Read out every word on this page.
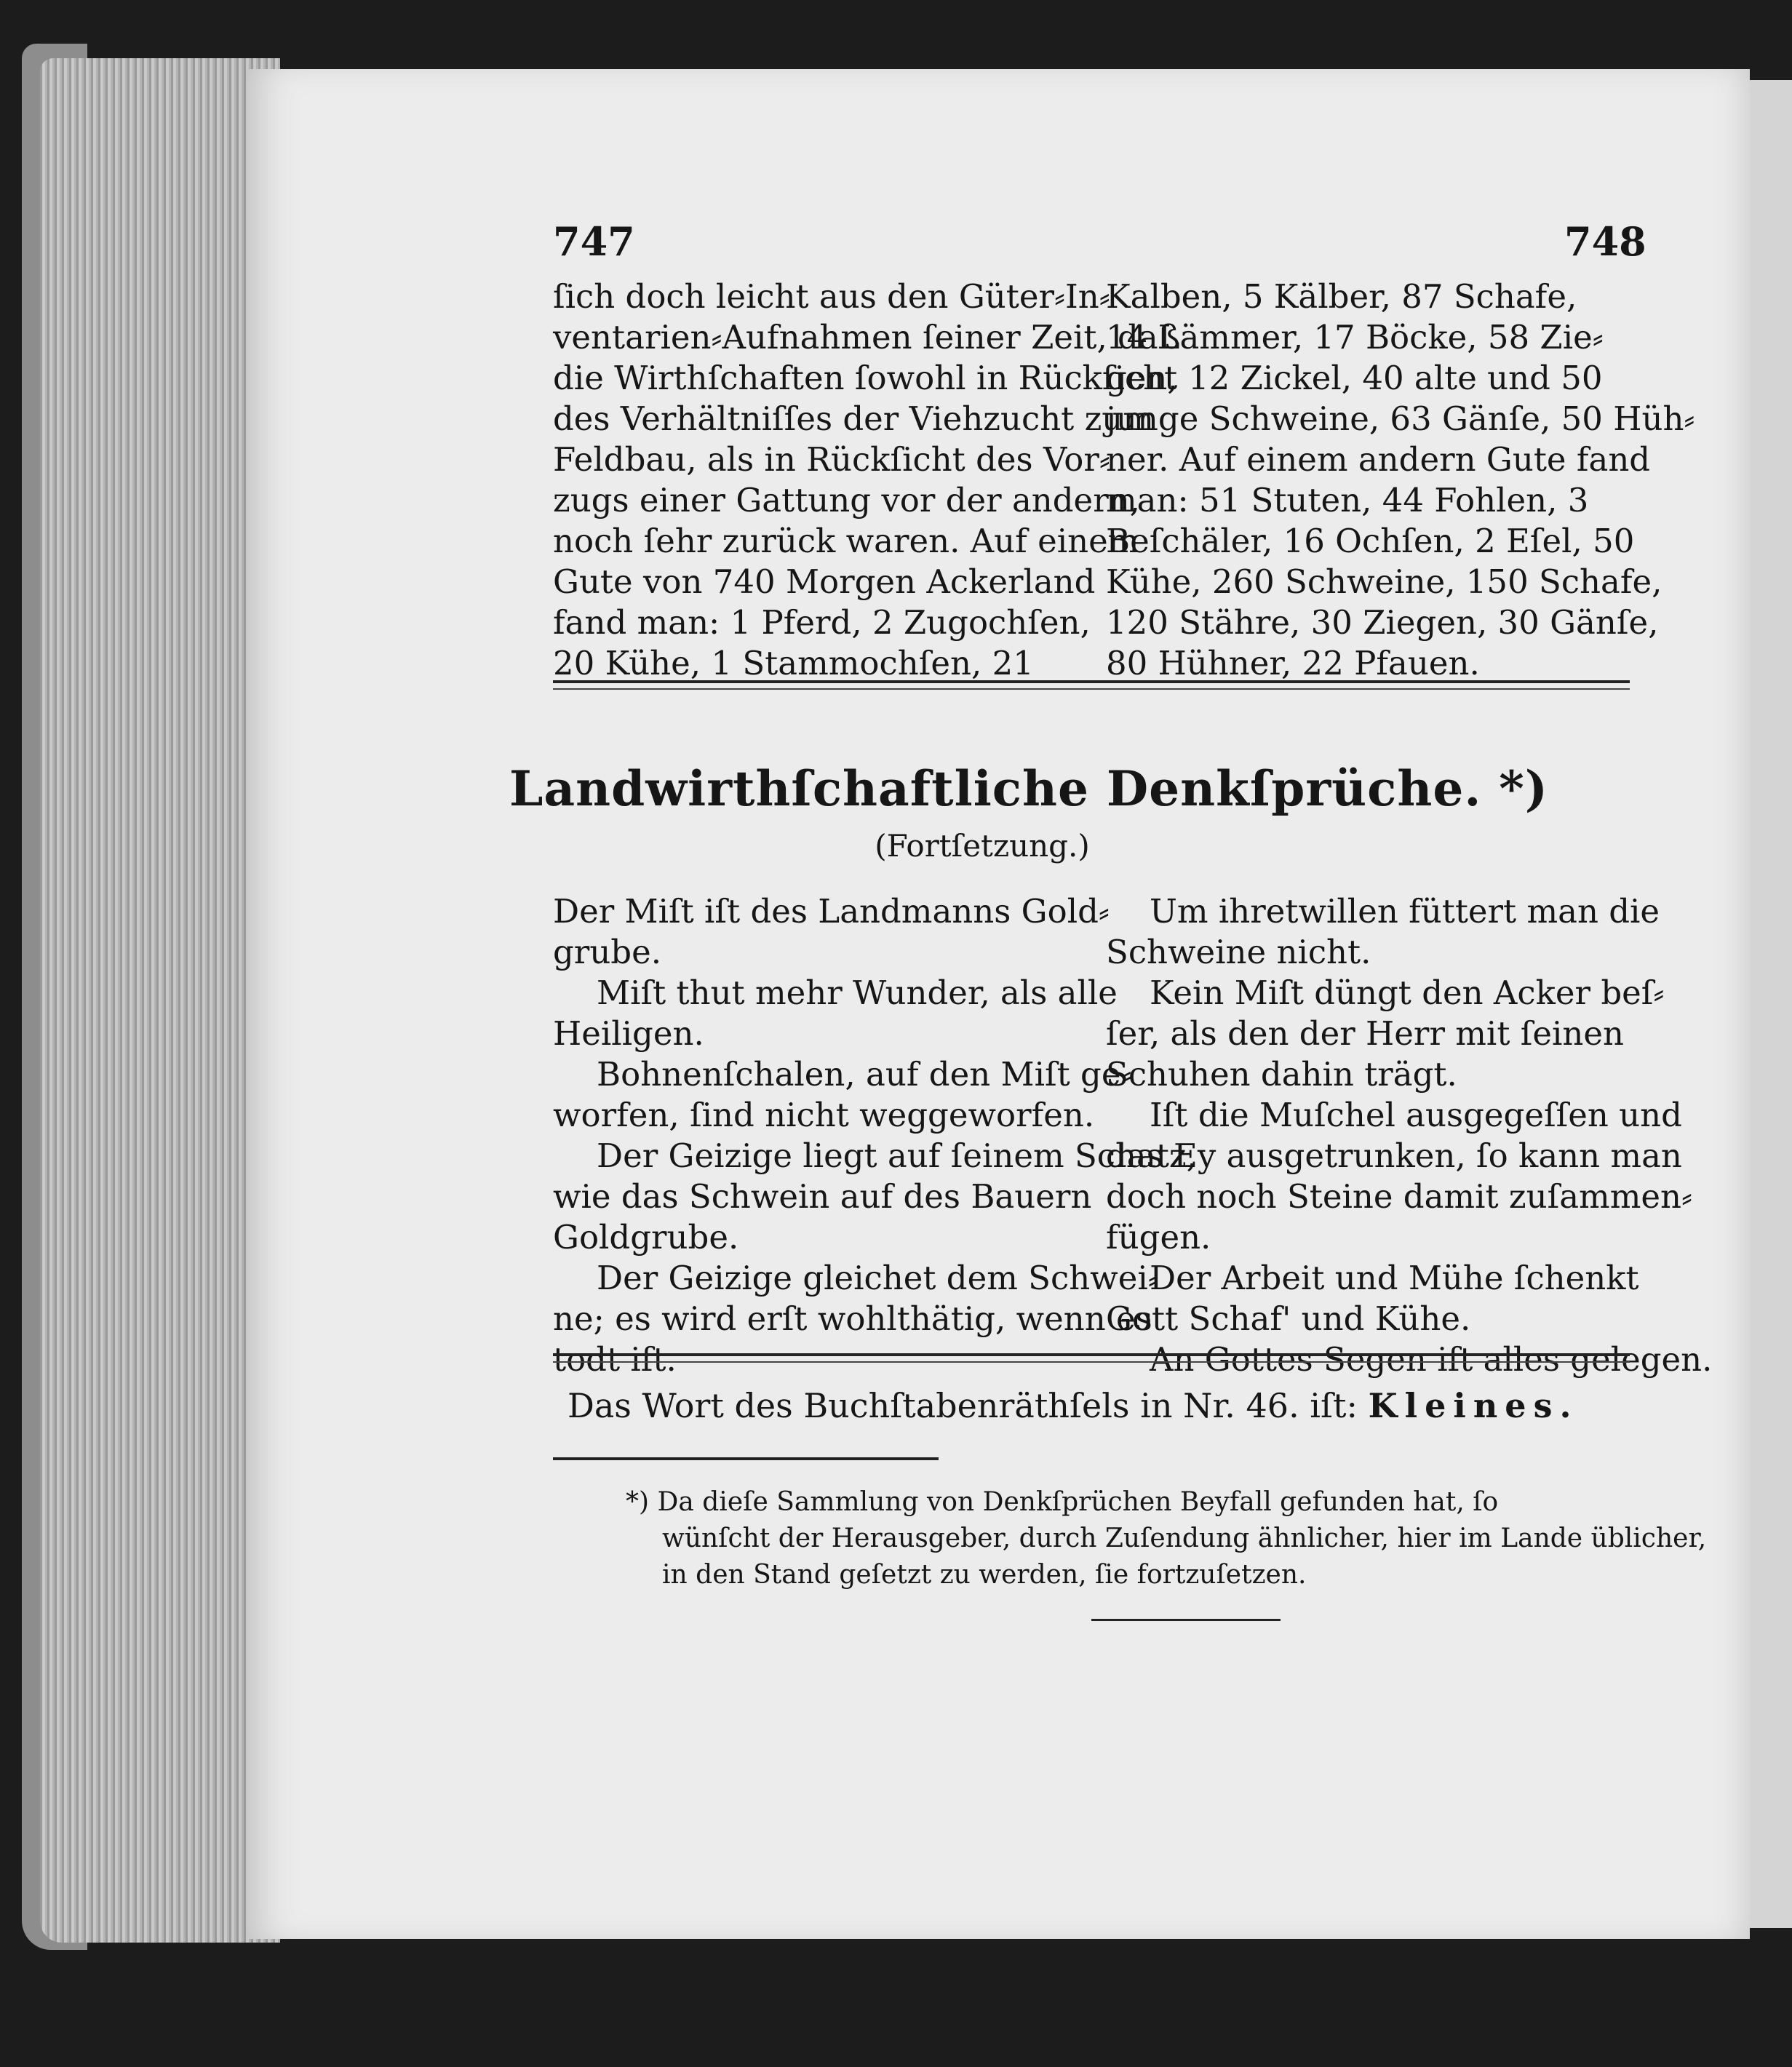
747	748
ſich doch leicht aus den Güter⸗In⸗
ventarien⸗Aufnahmen ſeiner Zeit, daß
die Wirthſchaften ſowohl in Rückſicht
des Verhältniſſes der Viehzucht zum
Feldbau, als in Rückſicht des Vor⸗
zugs einer Gattung vor der andern,
noch ſehr zurück waren. Auf einem
Gute von 740 Morgen Ackerland
fand man: 1 Pferd, 2 Zugochſen,
20 Kühe, 1 Stammochſen, 21
Kalben, 5 Kälber, 87 Schafe,
14 Lämmer, 17 Böcke, 58 Zie⸗
gen, 12 Zickel, 40 alte und 50
junge Schweine, 63 Gänſe, 50 Hüh⸗
ner. Auf einem andern Gute fand
man: 51 Stuten, 44 Fohlen, 3
Beſchäler, 16 Ochſen, 2 Eſel, 50
Kühe, 260 Schweine, 150 Schafe,
120 Stähre, 30 Ziegen, 30 Gänſe,
80 Hühner, 22 Pfauen.
Landwirthſchaftliche Denkſprüche. *)
(Fortſetzung.)
Der Miſt iſt des Landmanns Gold⸗
grube.
Miſt thut mehr Wunder, als alle
Heiligen.
Bohnenſchalen, auf den Miſt ge⸗
worfen, ſind nicht weggeworfen.
Der Geizige liegt auf ſeinem Schatz,
wie das Schwein auf des Bauern
Goldgrube.
Der Geizige gleichet dem Schwei⸗
ne; es wird erſt wohlthätig, wenn es
todt iſt.
Um ihretwillen füttert man die
Schweine nicht.
Kein Miſt düngt den Acker beſ⸗
ſer, als den der Herr mit ſeinen
Schuhen dahin trägt.
Iſt die Muſchel ausgegeſſen und
das Ey ausgetrunken, ſo kann man
doch noch Steine damit zuſammen⸗
fügen.
Der Arbeit und Mühe ſchenkt
Gott Schaf' und Kühe.
An Gottes Segen iſt alles gelegen.
Das Wort des Buchſtabenräthſels in Nr. 46. iſt: Kleines.
*) Da dieſe Sammlung von Denkſprüchen Beyfall gefunden hat, ſo
wünſcht der Herausgeber, durch Zuſendung ähnlicher, hier im Lande üblicher,
in den Stand geſetzt zu werden, ſie fortzuſetzen.
